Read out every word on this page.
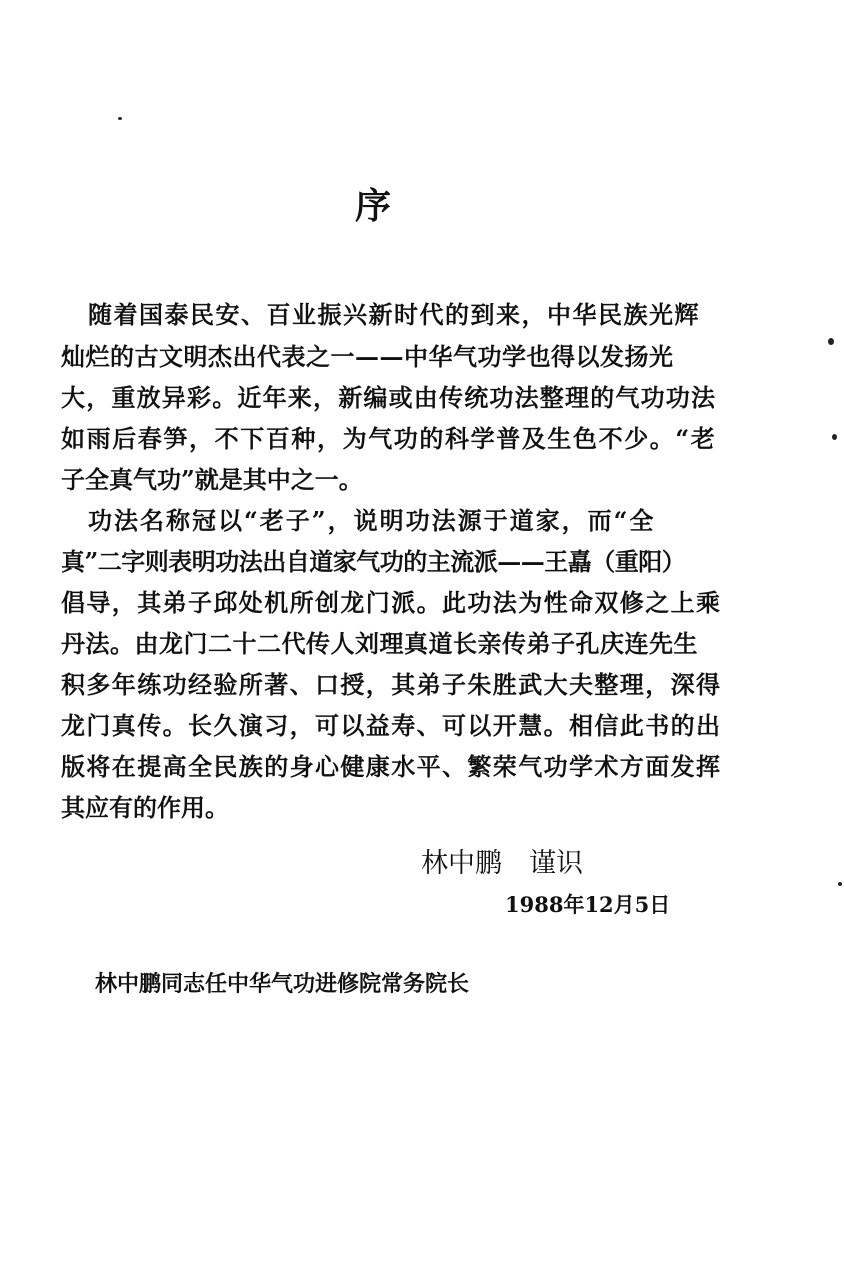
序
随着国泰民安、百业振兴新时代的到来，中华民族光辉
灿烂的古文明杰出代表之一——中华气功学也得以发扬光
大，重放异彩。近年来，新编或由传统功法整理的气功功法
如雨后春笋，不下百种，为气功的科学普及生色不少。“老
子全真气功”就是其中之一。
功法名称冠以“老子”，说明功法源于道家，而“全
真”二字则表明功法出自道家气功的主流派——王嚞（重阳）
倡导，其弟子邱处机所创龙门派。此功法为性命双修之上乘
丹法。由龙门二十二代传人刘理真道长亲传弟子孔庆连先生
积多年练功经验所著、口授，其弟子朱胜武大夫整理，深得
龙门真传。长久演习，可以益寿、可以开慧。相信此书的出
版将在提高全民族的身心健康水平、繁荣气功学术方面发挥
其应有的作用。
林中鹏　谨识
1988年12月5日
林中鹏同志任中华气功进修院常务院长
